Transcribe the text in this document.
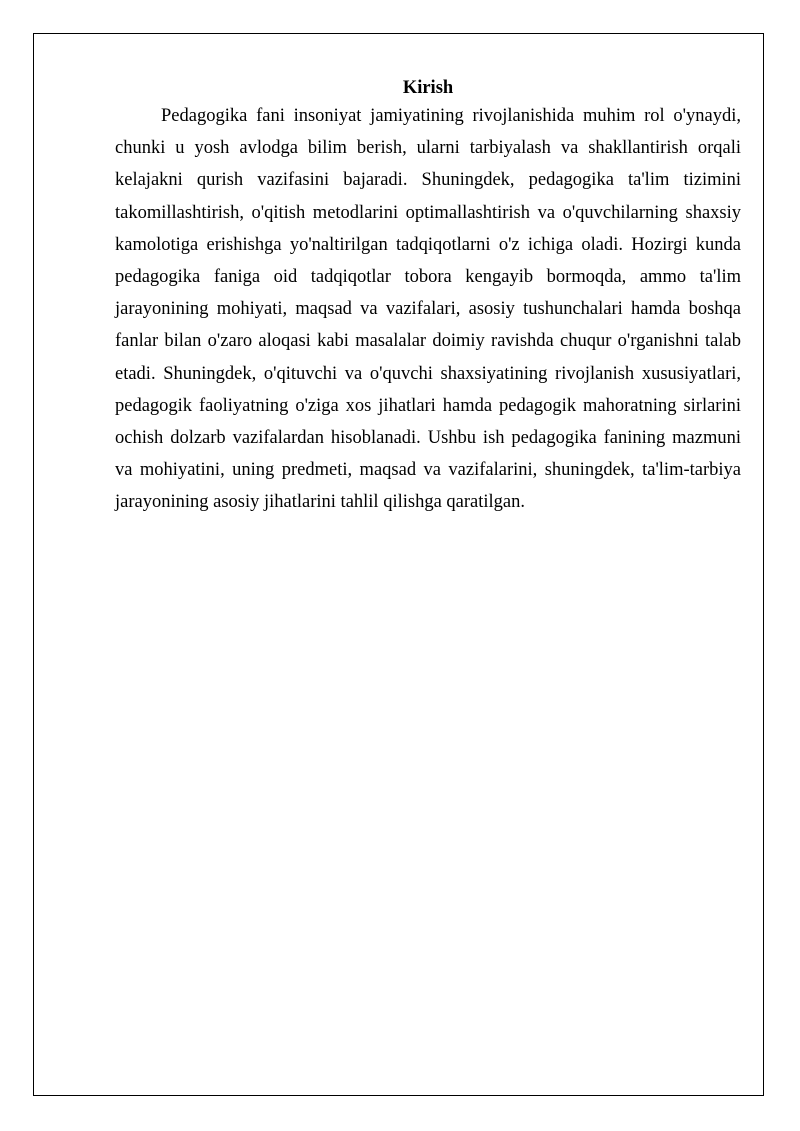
Kirish

Pedagogika fani insoniyat jamiyatining rivojlanishida muhim rol o'ynaydi, chunki u yosh avlodga bilim berish, ularni tarbiyalash va shakllantirish orqali kelajakni qurish vazifasini bajaradi. Shuningdek, pedagogika ta'lim tizimini takomillashtirish, o'qitish metodlarini optimallashtirish va o'quvchilarning shaxsiy kamolotiga erishishga yo'naltirilgan tadqiqotlarni o'z ichiga oladi. Hozirgi kunda pedagogika faniga oid tadqiqotlar tobora kengayib bormoqda, ammo ta'lim jarayonining mohiyati, maqsad va vazifalari, asosiy tushunchalari hamda boshqa fanlar bilan o'zaro aloqasi kabi masalalar doimiy ravishda chuqur o'rganishni talab etadi. Shuningdek, o'qituvchi va o'quvchi shaxsiyatining rivojlanish xususiyatlari, pedagogik faoliyatning o'ziga xos jihatlari hamda pedagogik mahoratning sirlarini ochish dolzarb vazifalardan hisoblanadi. Ushbu ish pedagogika fanining mazmuni va mohiyatini, uning predmeti, maqsad va vazifalarini, shuningdek, ta'lim-tarbiya jarayonining asosiy jihatlarini tahlil qilishga qaratilgan.
